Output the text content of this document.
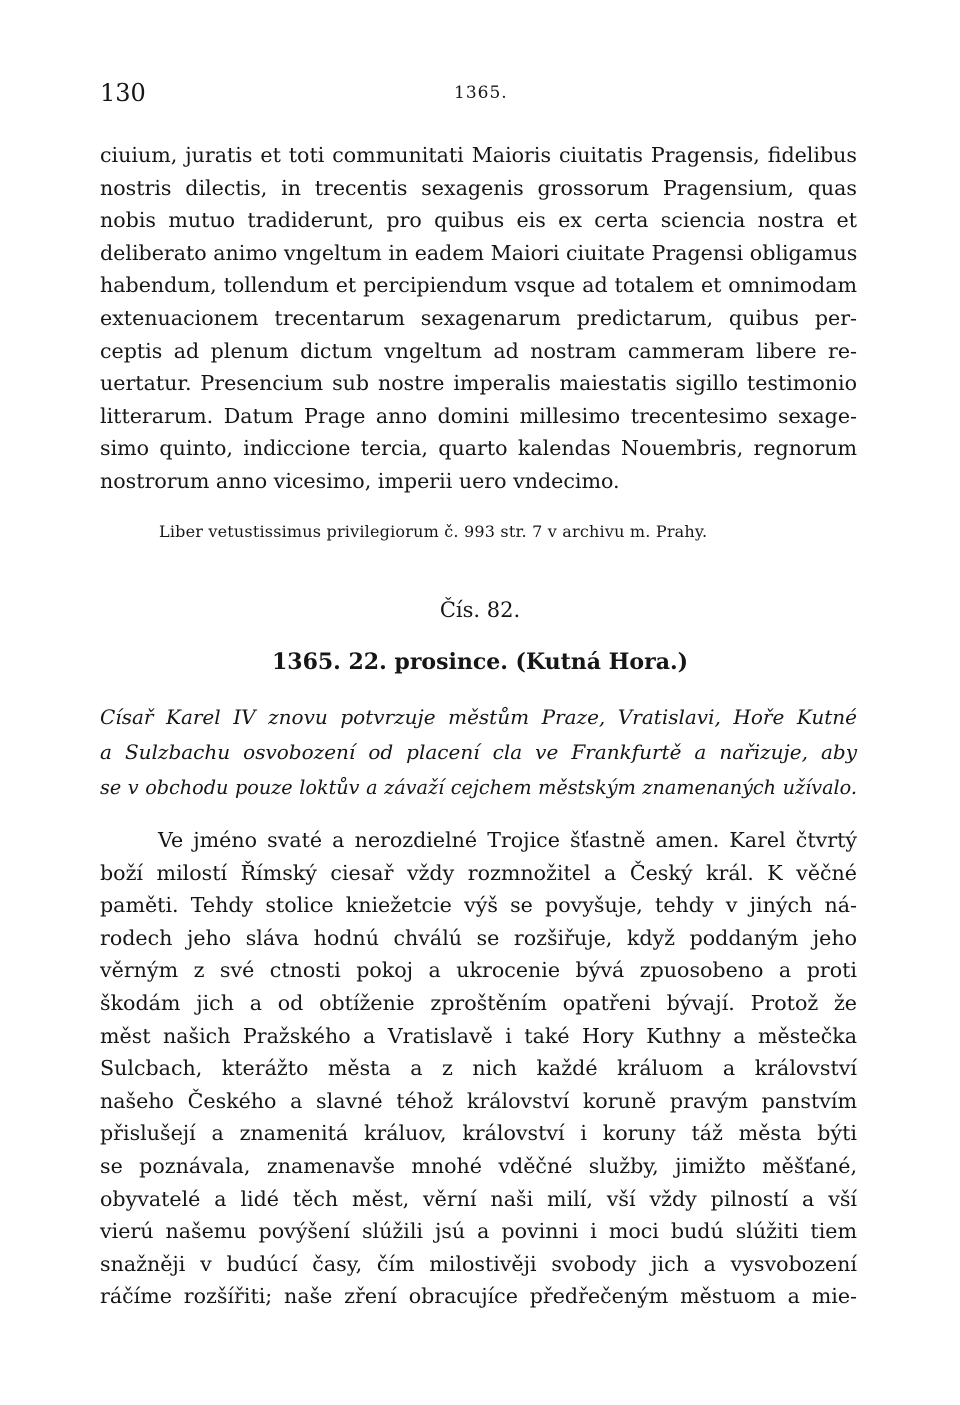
130	1365.
ciuium, juratis et toti communitati Maioris ciuitatis Pragensis, fidelibus
nostris dilectis, in trecentis sexagenis grossorum Pragensium, quas
nobis mutuo tradiderunt, pro quibus eis ex certa sciencia nostra et
deliberato animo vngeltum in eadem Maiori ciuitate Pragensi obligamus
habendum, tollendum et percipiendum vsque ad totalem et omnimodam
extenuacionem trecentarum sexagenarum predictarum, quibus per-
ceptis ad plenum dictum vngeltum ad nostram cammeram libere re-
uertatur. Presencium sub nostre imperalis maiestatis sigillo testimonio
litterarum. Datum Prage anno domini millesimo trecentesimo sexage-
simo quinto, indiccione tercia, quarto kalendas Nouembris, regnorum
nostrorum anno vicesimo, imperii uero vndecimo.
Liber vetustissimus privilegiorum č. 993 str. 7 v archivu m. Prahy.
Čís. 82.
1365. 22. prosince. (Kutná Hora.)
Císař Karel IV znovu potvrzuje městům Praze, Vratislavi, Hoře Kutné
a Sulzbachu osvobození od placení cla ve Frankfurtě a nařizuje, aby
se v obchodu pouze loktův a závaží cejchem městským znamenaných užívalo.
Ve jméno svaté a nerozdielné Trojice šťastně amen. Karel čtvrtý
boží milostí Římský ciesař vždy rozmnožitel a Český král. K věčné
paměti. Tehdy stolice kniežetcie výš se povyšuje, tehdy v jiných ná-
rodech jeho sláva hodnú chválú se rozšiřuje, když poddaným jeho
věrným z své ctnosti pokoj a ukrocenie bývá zpuosobeno a proti
škodám jich a od obtíženie zproštěním opatřeni bývají. Protož že
měst našich Pražského a Vratislavě i také Hory Kuthny a městečka
Sulcbach, kterážto města a z nich každé králuom a království
našeho Českého a slavné téhož království koruně pravým panstvím
přislušejí a znamenitá králuov, království i koruny táž města býti
se poznávala, znamenavše mnohé vděčné služby, jimižto měšťané,
obyvatelé a lidé těch měst, věrní naši milí, vší vždy pilností a vší
vierú našemu povýšení slúžili jsú a povinni i moci budú slúžiti tiem
snažněji v budúcí časy, čím milostivěji svobody jich a vysvobození
ráčíme rozšířiti; naše zření obracujíce předřečeným městuom a mie-
